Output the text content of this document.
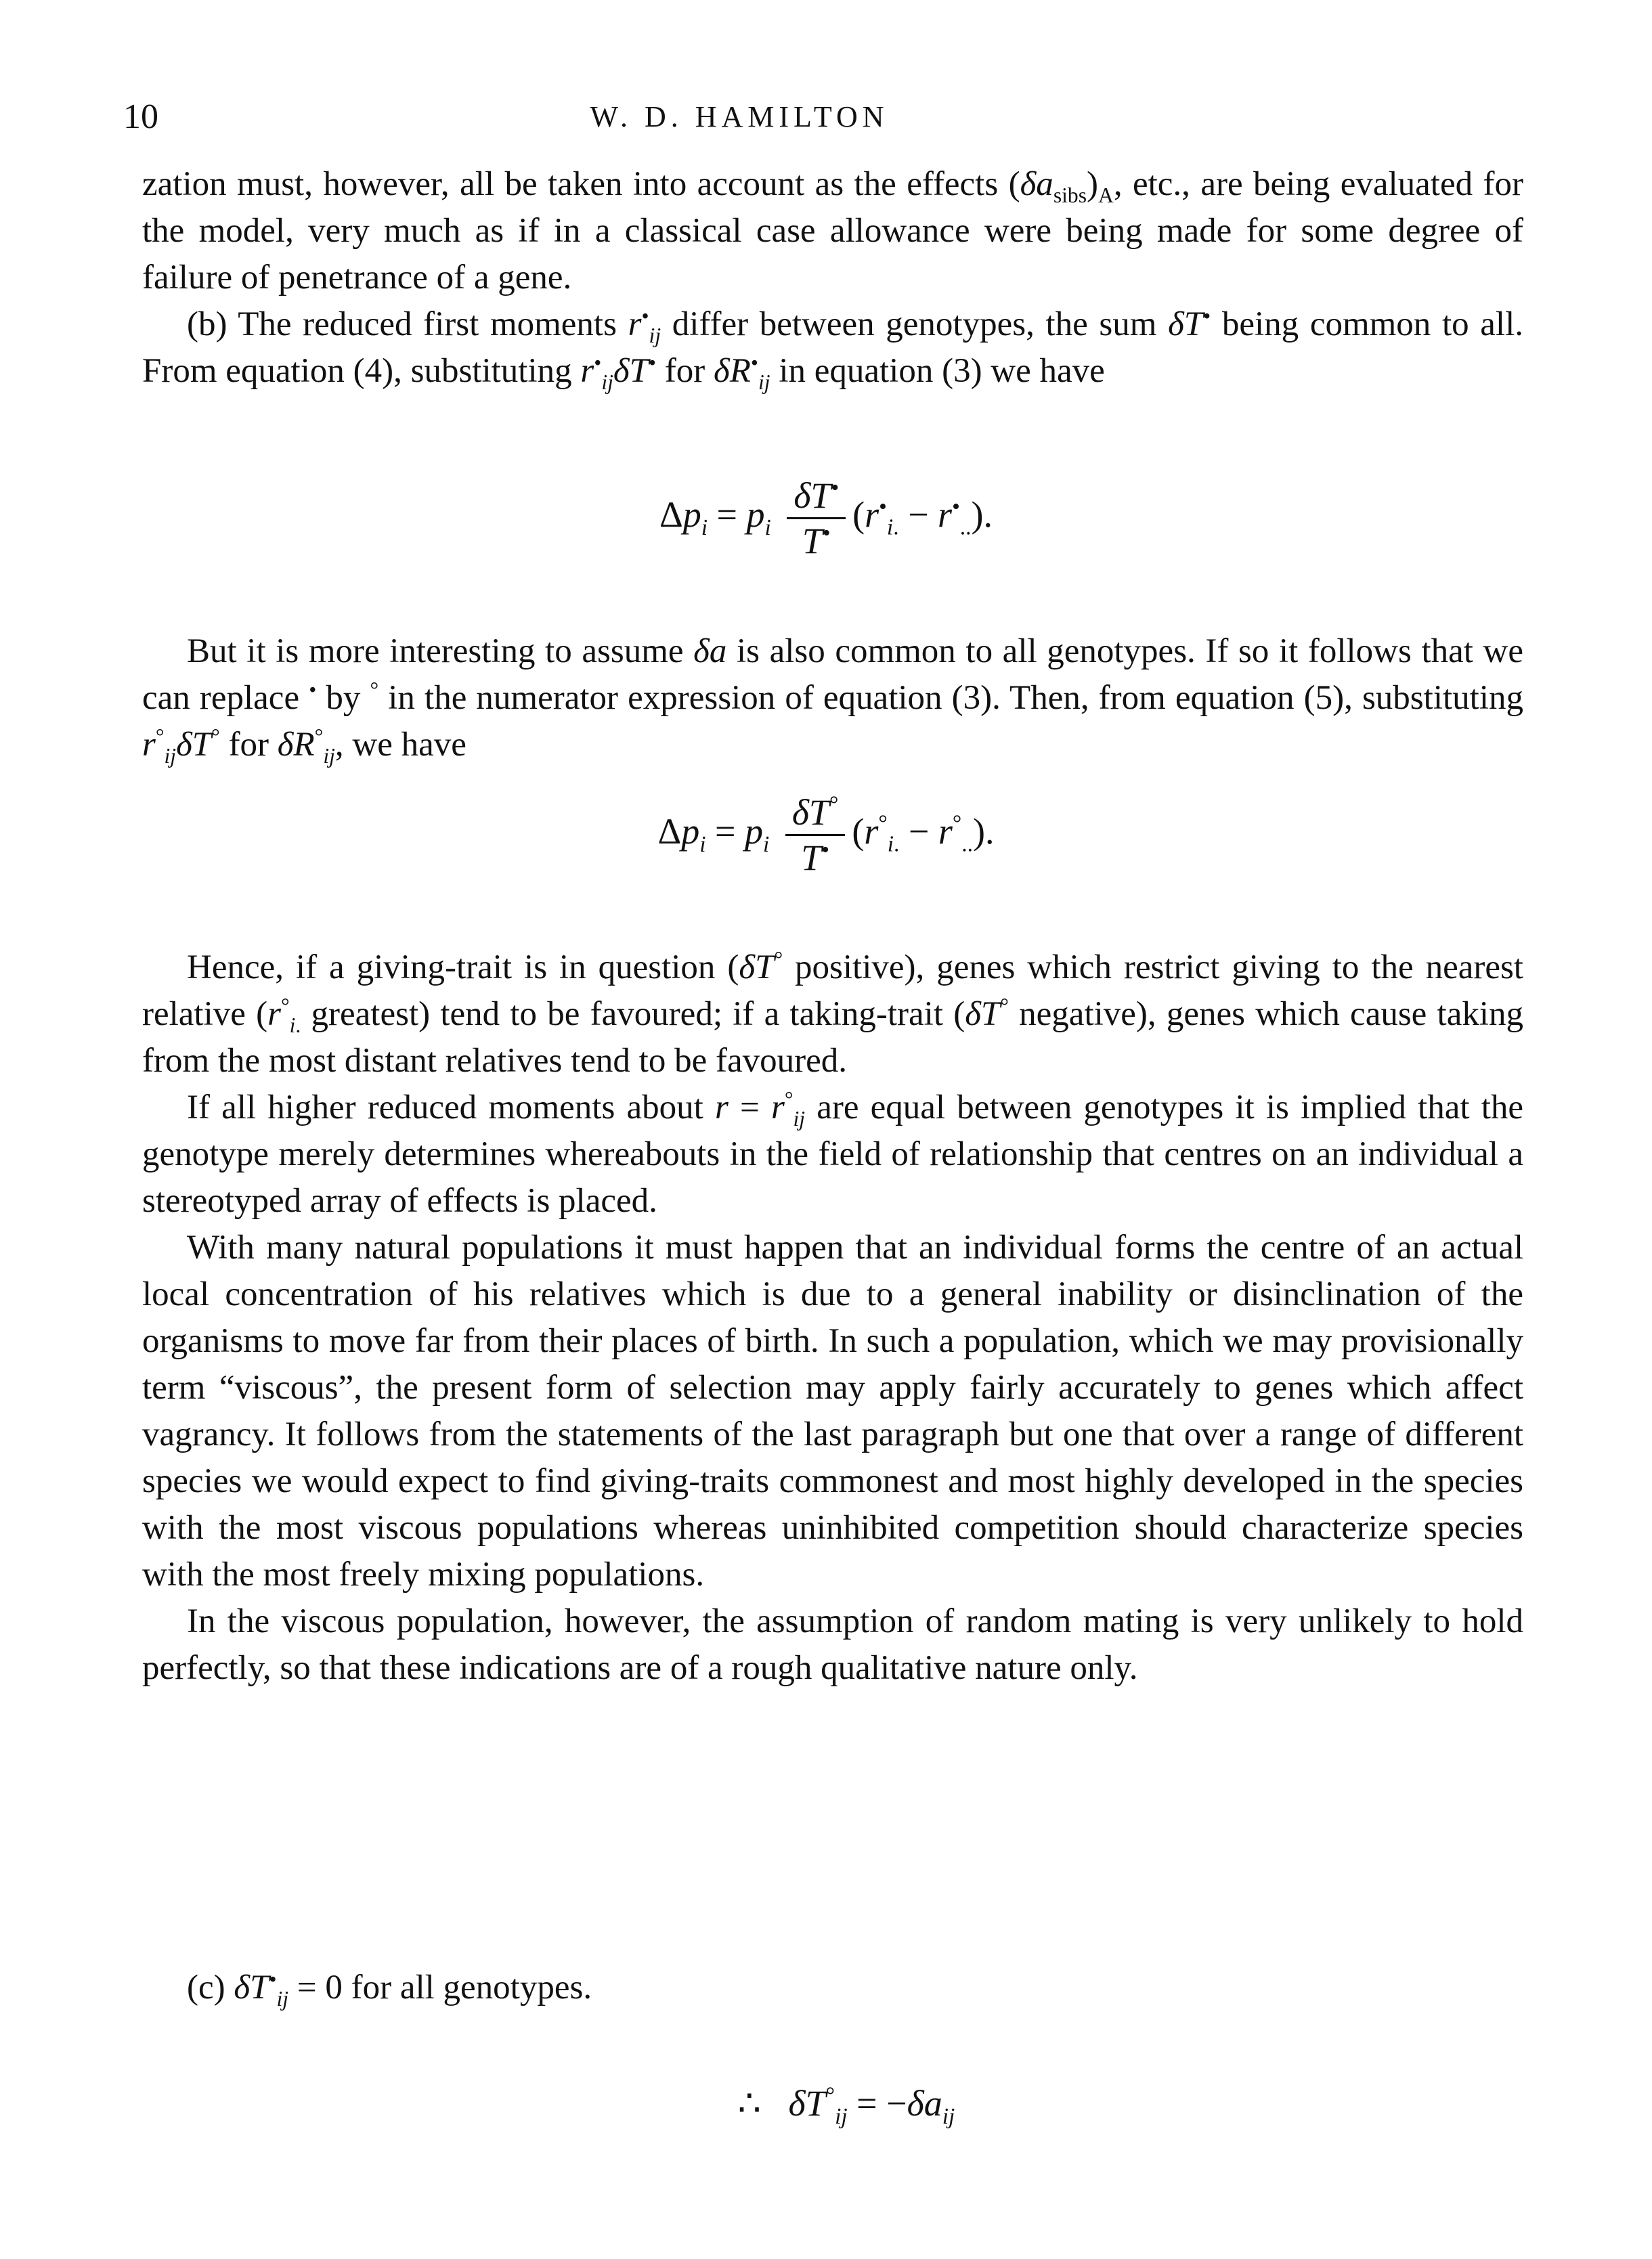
10	W. D. HAMILTON

zation must, however, all be taken into account as the effects $(\delta a_{sibs})_A$, etc., are being evaluated for the model, very much as if in a classical case allowance were being made for some degree of failure of penetrance of a gene.

(b) The reduced first moments $r^•_{ij}$ differ between genotypes, the sum δT• being common to all. From equation (4), substituting $r^•_{ij}\delta T^•$ for $\delta R^•_{ij}$ in equation (3) we have

$\Delta p_i = p_i \frac{\delta T^•}{T^•} (r^•_{i.} - r^•_{..})$.

But it is more interesting to assume δa is also common to all genotypes. If so it follows that we can replace • by ° in the numerator expression of equation (3). Then, from equation (5), substituting $r^\circ_{ij}\delta T^\circ$ for $\delta R^\circ_{ij}$, we have

$\Delta p_i = p_i \frac{\delta T^\circ}{T^•} (r^\circ_{i.} - r^\circ_{..})$.

Hence, if a giving-trait is in question (δT° positive), genes which restrict giving to the nearest relative ($r^\circ_{i.}$ greatest) tend to be favoured; if a taking-trait (δT° negative), genes which cause taking from the most distant relatives tend to be favoured.

If all higher reduced moments about $r = r^\circ_{ij}$ are equal between genotypes it is implied that the genotype merely determines whereabouts in the field of relationship that centres on an individual a stereotyped array of effects is placed.

With many natural populations it must happen that an individual forms the centre of an actual local concentration of his relatives which is due to a general inability or disinclination of the organisms to move far from their places of birth. In such a population, which we may provisionally term “viscous”, the present form of selection may apply fairly accurately to genes which affect vagrancy. It follows from the statements of the last paragraph but one that over a range of different species we would expect to find giving-traits commonest and most highly developed in the species with the most viscous populations whereas uninhibited competition should characterize species with the most freely mixing populations.

In the viscous population, however, the assumption of random mating is very unlikely to hold perfectly, so that these indications are of a rough qualitative nature only.

(c) $\delta T^•_{ij} = 0$ for all genotypes.

∴   $\delta T^\circ_{ij} = -\delta a_{ij}$
